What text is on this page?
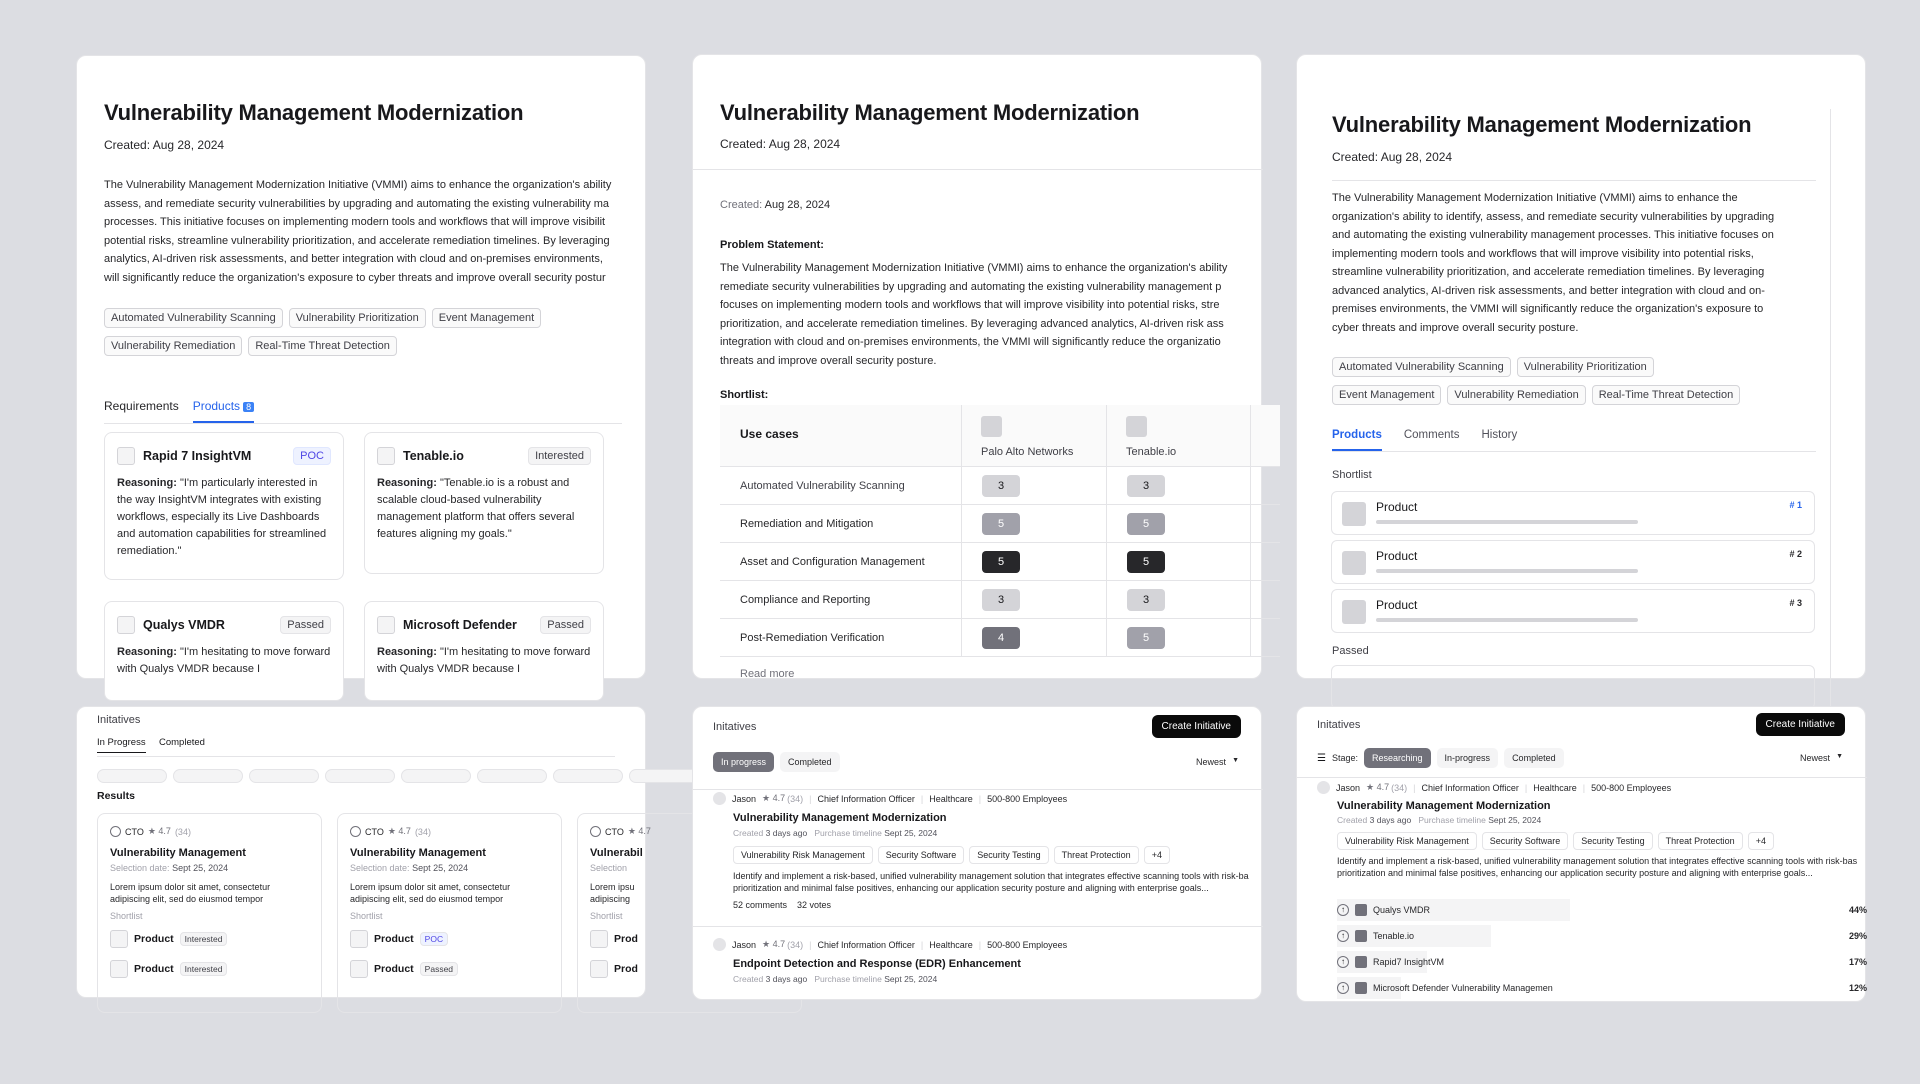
Vulnerability Management Modernization
Created: Aug 28, 2024
The Vulnerability Management Modernization Initiative (VMMI) aims to enhance the organization's ability
assess, and remediate security vulnerabilities by upgrading and automating the existing vulnerability ma
processes. This initiative focuses on implementing modern tools and workflows that will improve visibilit
potential risks, streamline vulnerability prioritization, and accelerate remediation timelines. By leveraging
analytics, AI-driven risk assessments, and better integration with cloud and on-premises environments,
will significantly reduce the organization's exposure to cyber threats and improve overall security postur
Automated Vulnerability Scanning Vulnerability Prioritization Event Management
Vulnerability Remediation Real-Time Threat Detection
Requirements Products 8
Rapid 7 InsightVM	POC
Reasoning: "I'm particularly interested in the way InsightVM integrates with existing workflows, especially its Live Dashboards and automation capabilities for streamlined remediation."
Tenable.io	Interested
Reasoning: "Tenable.io is a robust and scalable cloud-based vulnerability management platform that offers several features aligning my goals."
Qualys VMDR	Passed
Reasoning: "I'm hesitating to move forward with Qualys VMDR because I
Microsoft Defender	Passed
Reasoning: "I'm hesitating to move forward with Qualys VMDR because I
Vulnerability Management Modernization
Created: Aug 28, 2024
Created: Aug 28, 2024
Problem Statement:
The Vulnerability Management Modernization Initiative (VMMI) aims to enhance the organization's ability
remediate security vulnerabilities by upgrading and automating the existing vulnerability management p
focuses on implementing modern tools and workflows that will improve visibility into potential risks, stre
prioritization, and accelerate remediation timelines. By leveraging advanced analytics, AI-driven risk ass
integration with cloud and on-premises environments, the VMMI will significantly reduce the organizatio
threats and improve overall security posture.
Shortlist:
Use cases
Palo Alto Networks	Tenable.io
Automated Vulnerability Scanning	3	3
Remediation and Mitigation	5	5
Asset and Configuration Management	5	5
Compliance and Reporting	3	3
Post-Remediation Verification	4	5
Read more
Vulnerability Management Modernization
Created: Aug 28, 2024
The Vulnerability Management Modernization Initiative (VMMI) aims to enhance the
organization's ability to identify, assess, and remediate security vulnerabilities by upgrading
and automating the existing vulnerability management processes. This initiative focuses on
implementing modern tools and workflows that will improve visibility into potential risks,
streamline vulnerability prioritization, and accelerate remediation timelines. By leveraging
advanced analytics, AI-driven risk assessments, and better integration with cloud and on-
premises environments, the VMMI will significantly reduce the organization's exposure to
cyber threats and improve overall security posture.
Automated Vulnerability Scanning Vulnerability Prioritization
Event Management Vulnerability Remediation Real-Time Threat Detection
Products Comments History
Shortlist
Product	# 1
Product	# 2
Product	# 3
Passed
Initatives
In Progress Completed
Results
CTO ★ 4.7 (34)
Vulnerability Management
Selection date: Sept 25, 2024
Lorem ipsum dolor sit amet, consectetur adipiscing elit, sed do eiusmod tempor
Shortlist
Product	Interested
Product	Interested
CTO ★ 4.7 (34)
Vulnerability Management
Selection date: Sept 25, 2024
Lorem ipsum dolor sit amet, consectetur adipiscing elit, sed do eiusmod tempor
Shortlist
Product	POC
Product	Passed
CTO ★ 4.7
Vulnerabil
Selection
Lorem ipsu adipiscing
Shortlist
Prod
Prod
Initatives	Create Initiative
In progress	Completed	Newest ▼
Jason ★ 4.7 (34) | Chief Information Officer | Healthcare | 500-800 Employees
Vulnerability Management Modernization
Created 3 days ago Purchase timeline Sept 25, 2024
Vulnerability Risk Management Security Software Security Testing Threat Protection +4
Identify and implement a risk-based, unified vulnerability management solution that integrates effective scanning tools with risk-ba
prioritization and minimal false positives, enhancing our application security posture and aligning with enterprise goals...
52 comments 32 votes
Jason ★ 4.7 (34) | Chief Information Officer | Healthcare | 500-800 Employees
Endpoint Detection and Response (EDR) Enhancement
Created 3 days ago Purchase timeline Sept 25, 2024
Initatives	Create Initiative
☰ Stage:	Researching	In-progress	Completed	Newest ▼
Jason ★ 4.7 (34) | Chief Information Officer | Healthcare | 500-800 Employees
Vulnerability Management Modernization
Created 3 days ago Purchase timeline Sept 25, 2024
Vulnerability Risk Management Security Software Security Testing Threat Protection +4
Identify and implement a risk-based, unified vulnerability management solution that integrates effective scanning tools with risk-bas
prioritization and minimal false positives, enhancing our application security posture and aligning with enterprise goals...
↑	Qualys VMDR	44%
↑	Tenable.io	29%
↑	Rapid7 InsightVM	17%
↑	Microsoft Defender Vulnerability Managemen	12%
